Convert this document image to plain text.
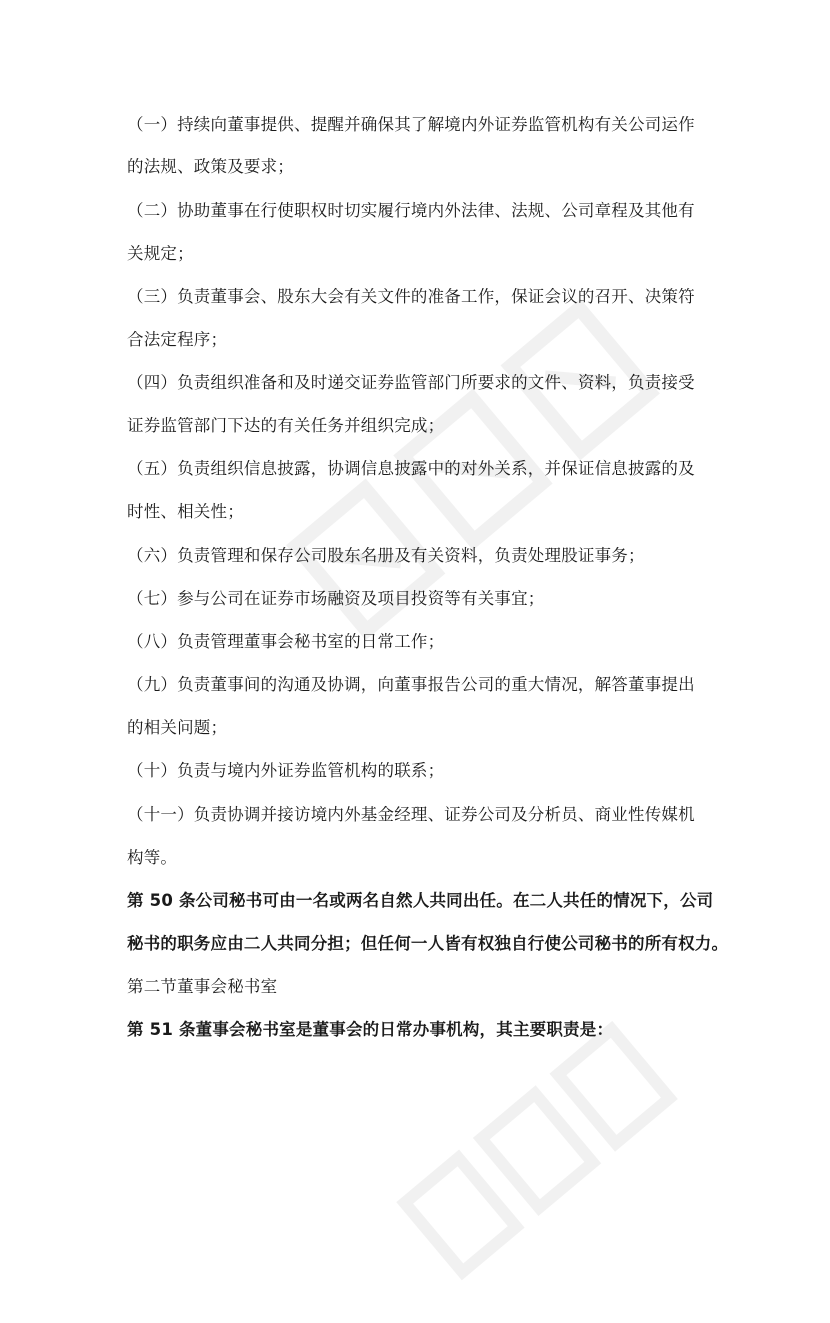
（一）持续向董事提供、提醒并确保其了解境内外证券监管机构有关公司运作

的法规、政策及要求；

（二）协助董事在行使职权时切实履行境内外法律、法规、公司章程及其他有

关规定；

（三）负责董事会、股东大会有关文件的准备工作，保证会议的召开、决策符

合法定程序；

（四）负责组织准备和及时递交证券监管部门所要求的文件、资料，负责接受

证券监管部门下达的有关任务并组织完成；

（五）负责组织信息披露，协调信息披露中的对外关系，并保证信息披露的及

时性、相关性；

（六）负责管理和保存公司股东名册及有关资料，负责处理股证事务；

（七）参与公司在证券市场融资及项目投资等有关事宜；

（八）负责管理董事会秘书室的日常工作；

（九）负责董事间的沟通及协调，向董事报告公司的重大情况，解答董事提出

的相关问题；

（十）负责与境内外证券监管机构的联系；

（十一）负责协调并接访境内外基金经理、证券公司及分析员、商业性传媒机

构等。

第 50 条公司秘书可由一名或两名自然人共同出任。在二人共任的情况下，公司

秘书的职务应由二人共同分担；但任何一人皆有权独自行使公司秘书的所有权力。

第二节董事会秘书室

第 51 条董事会秘书室是董事会的日常办事机构，其主要职责是：
